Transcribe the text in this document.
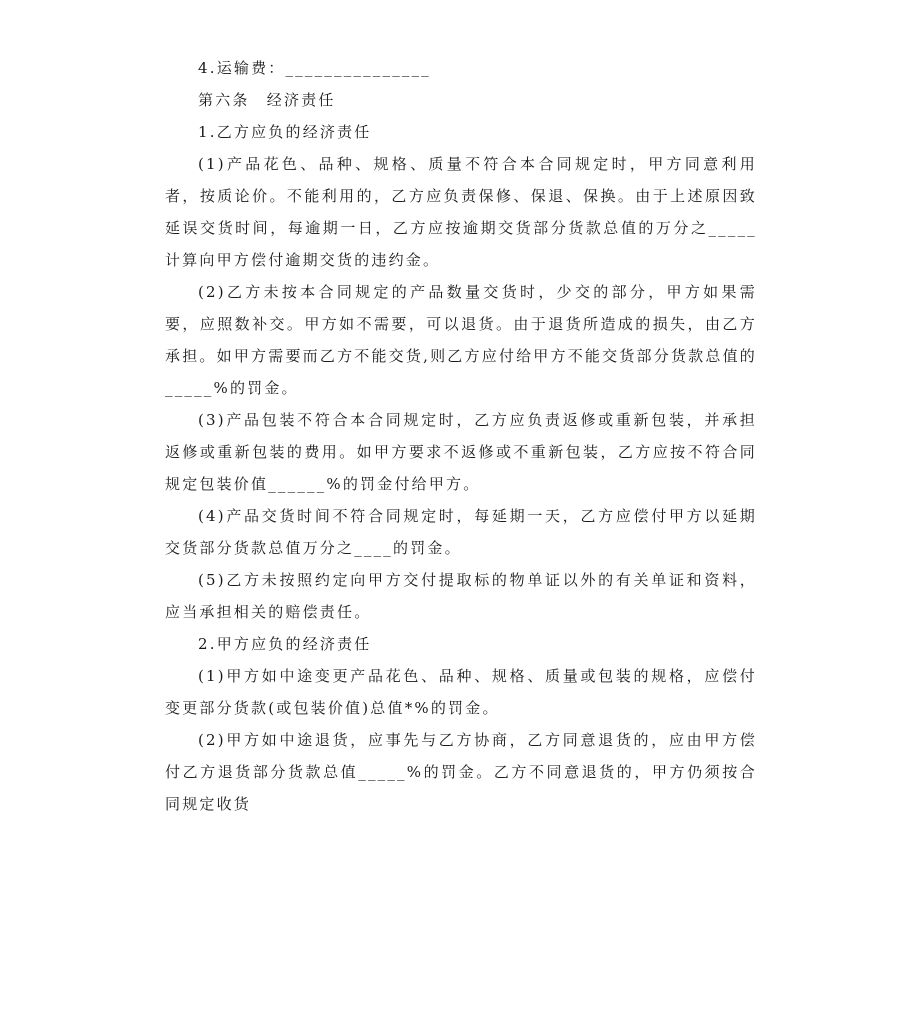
4.运输费：_______________
第六条　经济责任
1.乙方应负的经济责任

(1)产品花色、品种、规格、质量不符合本合同规定时，甲方同意利用者，按质论价。不能利用的，乙方应负责保修、保退、保换。由于上述原因致延误交货时间，每逾期一日，乙方应按逾期交货部分货款总值的万分之_____计算向甲方偿付逾期交货的违约金。

(2)乙方未按本合同规定的产品数量交货时，少交的部分，甲方如果需要，应照数补交。甲方如不需要，可以退货。由于退货所造成的损失，由乙方承担。如甲方需要而乙方不能交货,则乙方应付给甲方不能交货部分货款总值的_____%的罚金。

(3)产品包装不符合本合同规定时，乙方应负责返修或重新包装，并承担返修或重新包装的费用。如甲方要求不返修或不重新包装，乙方应按不符合同规定包装价值______%的罚金付给甲方。

(4)产品交货时间不符合同规定时，每延期一天，乙方应偿付甲方以延期交货部分货款总值万分之____的罚金。

(5)乙方未按照约定向甲方交付提取标的物单证以外的有关单证和资料，应当承担相关的赔偿责任。

2.甲方应负的经济责任

(1)甲方如中途变更产品花色、品种、规格、质量或包装的规格，应偿付变更部分货款(或包装价值)总值*%的罚金。

(2)甲方如中途退货，应事先与乙方协商，乙方同意退货的，应由甲方偿付乙方退货部分货款总值_____%的罚金。乙方不同意退货的，甲方仍须按合同规定收货
